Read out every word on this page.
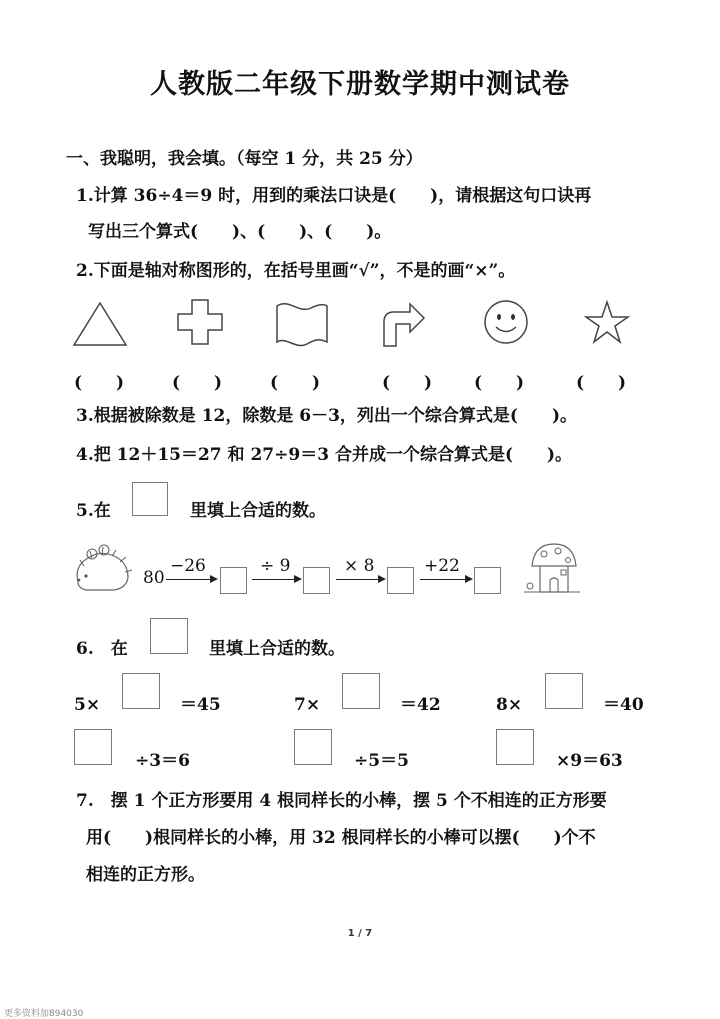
人教版二年级下册数学期中测试卷
一、我聪明，我会填。（每空 1 分，共 25 分）
1.计算 36÷4＝9 时，用到的乘法口诀是(　　)，请根据这句口诀再
写出三个算式(　　)、(　　)、(　　)。
2.下面是轴对称图形的，在括号里画“√”，不是的画“×”。
(　　)	(　　)	(　　)	(　　) (　　)	(　　)
3.根据被除数是 12，除数是 6－3，列出一个综合算式是(　　)。
4.把 12＋15＝27 和 27÷9＝3 合并成一个综合算式是(　　)。
5.在	里填上合适的数。
80
−26	÷ 9	× 8	+22
6.　在	里填上合适的数。
5×	＝45	7×	＝42	8×	＝40
÷3＝6	÷5＝5	×9＝63
7.　摆 1 个正方形要用 4 根同样长的小棒，摆 5 个不相连的正方形要
用(　　)根同样长的小棒，用 32 根同样长的小棒可以摆(　　)个不
相连的正方形。
1 / 7
更多资料加894030
